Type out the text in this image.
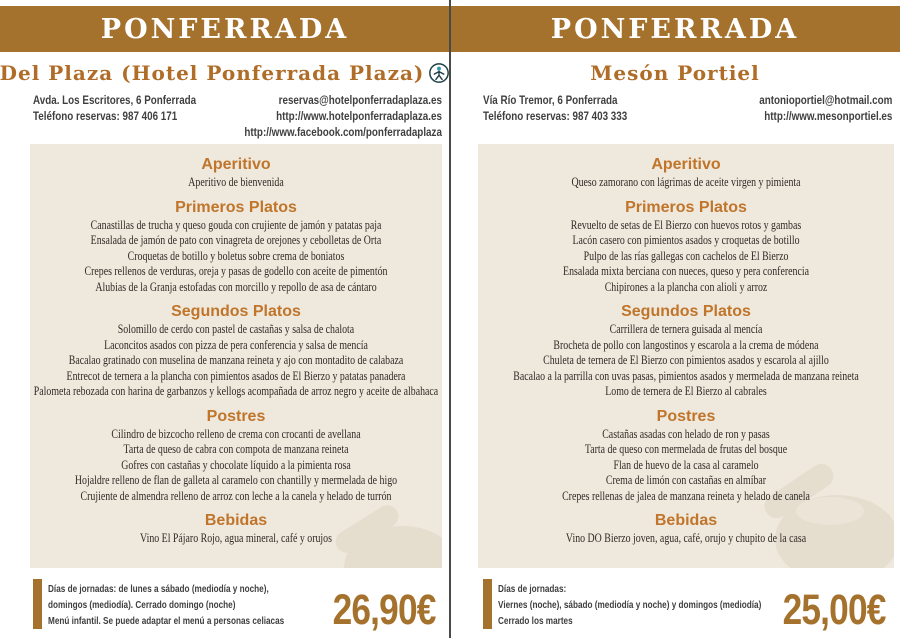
PONFERRADA
Del Plaza (Hotel Ponferrada Plaza)
Avda. Los Escritores, 6 Ponferrada
Teléfono reservas: 987 406 171
reservas@hotelponferradaplaza.es
http://www.hotelponferradaplaza.es
http://www.facebook.com/ponferradaplaza
Aperitivo

Aperitivo de bienvenida

Primeros Platos

Canastillas de trucha y queso gouda con crujiente de jamón y patatas paja

Ensalada de jamón de pato con vinagreta de orejones y cebolletas de Orta

Croquetas de botillo y boletus sobre crema de boniatos

Crepes rellenos de verduras, oreja y pasas de godello con aceite de pimentón

Alubias de la Granja estofadas con morcillo y repollo de asa de cántaro

Segundos Platos

Solomillo de cerdo con pastel de castañas y salsa de chalota

Laconcitos asados con pizza de pera conferencia y salsa de mencía

Bacalao gratinado con muselina de manzana reineta y ajo con montadito de calabaza

Entrecot de ternera a la plancha con pimientos asados de El Bierzo y patatas panadera

Palometa rebozada con harina de garbanzos y kellogs acompañada de arroz negro y aceite de albahaca

Postres

Cilindro de bizcocho relleno de crema con crocanti de avellana

Tarta de queso de cabra con compota de manzana reineta

Gofres con castañas y chocolate líquido a la pimienta rosa

Hojaldre relleno de flan de galleta al caramelo con chantilly y mermelada de higo

Crujiente de almendra relleno de arroz con leche a la canela y helado de turrón

Bebidas

Vino El Pájaro Rojo, agua mineral, café y orujos

Días de jornadas: de lunes a sábado (mediodía y noche),
domingos (mediodía). Cerrado domingo (noche)
Menú infantil. Se puede adaptar el menú a personas celiacas	26,90€
PONFERRADA
Mesón Portiel
Vía Río Tremor, 6 Ponferrada
Teléfono reservas: 987 403 333
antonioportiel@hotmail.com
http://www.mesonportiel.es
Aperitivo

Queso zamorano con lágrimas de aceite virgen y pimienta

Primeros Platos

Revuelto de setas de El Bierzo con huevos rotos y gambas

Lacón casero con pimientos asados y croquetas de botillo

Pulpo de las rías gallegas con cachelos de El Bierzo

Ensalada mixta berciana con nueces, queso y pera conferencia

Chipirones a la plancha con alioli y arroz

Segundos Platos

Carrillera de ternera guisada al mencía

Brocheta de pollo con langostinos y escarola a la crema de módena

Chuleta de ternera de El Bierzo con pimientos asados y escarola al ajillo

Bacalao a la parrilla con uvas pasas, pimientos asados y mermelada de manzana reineta

Lomo de ternera de El Bierzo al cabrales

Postres

Castañas asadas con helado de ron y pasas

Tarta de queso con mermelada de frutas del bosque

Flan de huevo de la casa al caramelo

Crema de limón con castañas en almíbar

Crepes rellenas de jalea de manzana reineta y helado de canela

Bebidas

Vino DO Bierzo joven, agua, café, orujo y chupito de la casa

Días de jornadas:
Viernes (noche), sábado (mediodía y noche) y domingos (mediodía)
Cerrado los martes	25,00€
